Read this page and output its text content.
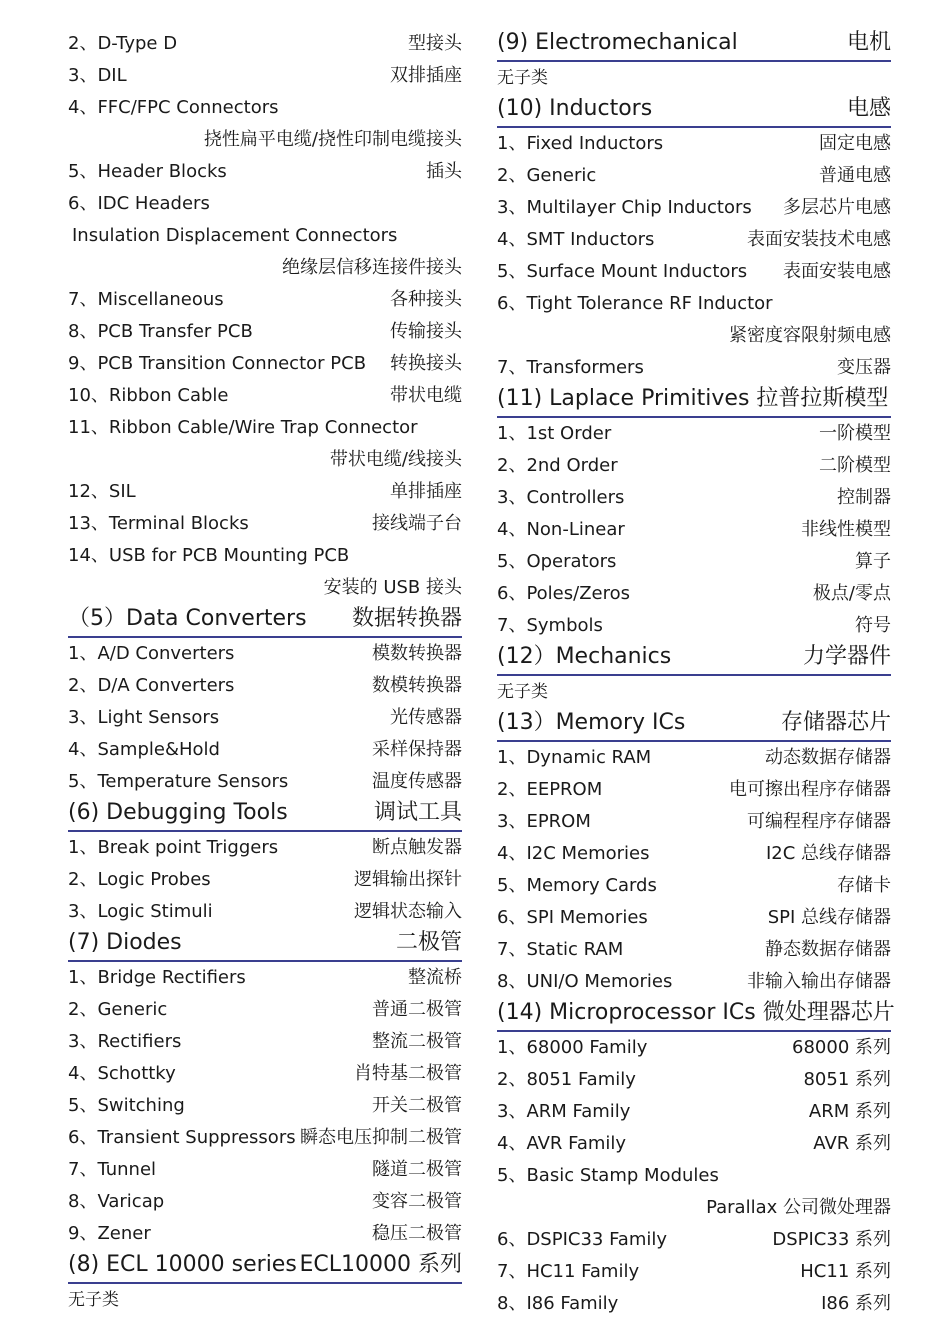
2、D-Type D	型接头
3、DIL	双排插座
4、FFC/FPC Connectors
挠性扁平电缆/挠性印制电缆接头
5、Header Blocks	插头
6、IDC Headers
Insulation Displacement Connectors
绝缘层信移连接件接头
7、Miscellaneous	各种接头
8、PCB Transfer PCB	传输接头
9、PCB Transition Connector PCB 转换接头
10、Ribbon Cable	带状电缆
11、Ribbon Cable/Wire Trap Connector
带状电缆/线接头
12、SIL	单排插座
13、Terminal Blocks	接线端子台
14、USB for PCB Mounting PCB
安装的 USB 接头
（5）Data Converters 数据转换器
1、A/D Converters	模数转换器
2、D/A Converters	数模转换器
3、Light Sensors	光传感器
4、Sample&Hold	采样保持器
5、Temperature Sensors	温度传感器
(6) Debugging Tools	调试工具
1、Break point Triggers	断点触发器
2、Logic Probes	逻辑输出探针
3、Logic Stimuli	逻辑状态输入
(7) Diodes	二极管
1、Bridge Rectifiers	整流桥
2、Generic	普通二极管
3、Rectifiers	整流二极管
4、Schottky	肖特基二极管
5、Switching	开关二极管
6、Transient Suppressors 瞬态电压抑制二极管
7、Tunnel	隧道二极管
8、Varicap	变容二极管
9、Zener	稳压二极管
(8) ECL 10000 series ECL10000 系列
无子类
(9) Electromechanical	电机
无子类
(10) Inductors	电感
1、Fixed Inductors	固定电感
2、Generic	普通电感
3、Multilayer Chip Inductors 多层芯片电感
4、SMT Inductors	表面安装技术电感
5、Surface Mount Inductors 表面安装电感
6、Tight Tolerance RF Inductor
紧密度容限射频电感
7、Transformers	变压器
(11) Laplace Primitives 拉普拉斯模型
1、1st Order	一阶模型
2、2nd Order	二阶模型
3、Controllers	控制器
4、Non-Linear	非线性模型
5、Operators	算子
6、Poles/Zeros	极点/零点
7、Symbols	符号
(12）Mechanics	力学器件
无子类
(13）Memory ICs	存储器芯片
1、Dynamic RAM	动态数据存储器
2、EEPROM	电可擦出程序存储器
3、EPROM	可编程程序存储器
4、I2C Memories	I2C 总线存储器
5、Memory Cards	存储卡
6、SPI Memories	SPI 总线存储器
7、Static RAM	静态数据存储器
8、UNI/O Memories	非输入输出存储器
(14) Microprocessor ICs 微处理器芯片
1、68000 Family	68000 系列
2、8051 Family	8051 系列
3、ARM Family	ARM 系列
4、AVR Family	AVR 系列
5、Basic Stamp Modules
Parallax 公司微处理器
6、DSPIC33 Family	DSPIC33 系列
7、HC11 Family	HC11 系列
8、I86 Family	I86 系列
